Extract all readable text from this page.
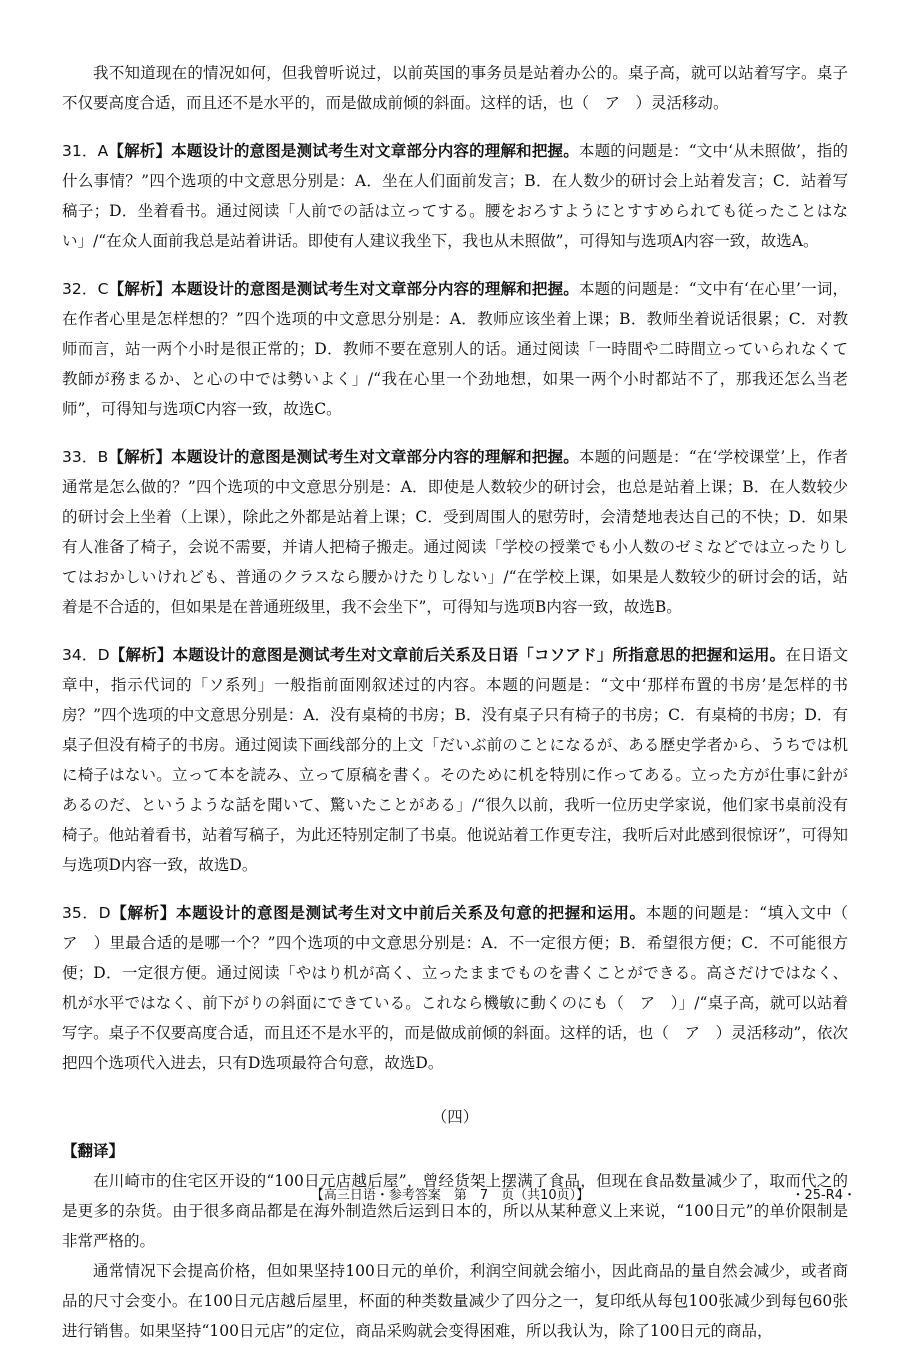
我不知道现在的情况如何，但我曾听说过，以前英国的事务员是站着办公的。桌子高，就可以站着写字。桌子不仅要高度合适，而且还不是水平的，而是做成前倾的斜面。这样的话，也（　ア　）灵活移动。

31．A【解析】本题设计的意图是测试考生对文章部分内容的理解和把握。本题的问题是：“文中‘从未照做’，指的什么事情？”四个选项的中文意思分别是：A．坐在人们面前发言；B．在人数少的研讨会上站着发言；C．站着写稿子；D．坐着看书。通过阅读「人前での話は立ってする。腰をおろすようにとすすめられても従ったことはない」/“在众人面前我总是站着讲话。即使有人建议我坐下，我也从未照做”，可得知与选项A内容一致，故选A。

32．C【解析】本题设计的意图是测试考生对文章部分内容的理解和把握。本题的问题是：“文中有‘在心里’一词，在作者心里是怎样想的？”四个选项的中文意思分别是：A．教师应该坐着上课；B．教师坐着说话很累；C．对教师而言，站一两个小时是很正常的；D．教师不要在意别人的话。通过阅读「一時間や二時間立っていられなくて教師が務まるか、と心の中では勢いよく」/“我在心里一个劲地想，如果一两个小时都站不了，那我还怎么当老师”，可得知与选项C内容一致，故选C。

33．B【解析】本题设计的意图是测试考生对文章部分内容的理解和把握。本题的问题是：“在‘学校课堂’上，作者通常是怎么做的？”四个选项的中文意思分别是：A．即使是人数较少的研讨会，也总是站着上课；B．在人数较少的研讨会上坐着（上课），除此之外都是站着上课；C．受到周围人的慰劳时，会清楚地表达自己的不快；D．如果有人准备了椅子，会说不需要，并请人把椅子搬走。通过阅读「学校の授業でも小人数のゼミなどでは立ったりしてはおかしいけれども、普通のクラスなら腰かけたりしない」/“在学校上课，如果是人数较少的研讨会的话，站着是不合适的，但如果是在普通班级里，我不会坐下”，可得知与选项B内容一致，故选B。

34．D【解析】本题设计的意图是测试考生对文章前后关系及日语「コソアド」所指意思的把握和运用。在日语文章中，指示代词的「ソ系列」一般指前面刚叙述过的内容。本题的问题是：“文中‘那样布置的书房’是怎样的书房？”四个选项的中文意思分别是：A．没有桌椅的书房；B．没有桌子只有椅子的书房；C．有桌椅的书房；D．有桌子但没有椅子的书房。通过阅读下画线部分的上文「だいぶ前のことになるが、ある歴史学者から、うちでは机に椅子はない。立って本を読み、立って原稿を書く。そのために机を特別に作ってある。立った方が仕事に針があるのだ、というような話を聞いて、驚いたことがある」/“很久以前，我听一位历史学家说，他们家书桌前没有椅子。他站着看书，站着写稿子，为此还特别定制了书桌。他说站着工作更专注，我听后对此感到很惊讶”，可得知与选项D内容一致，故选D。

35．D【解析】本题设计的意图是测试考生对文中前后关系及句意的把握和运用。本题的问题是：“填入文中（　ア　）里最合适的是哪一个？”四个选项的中文意思分别是：A．不一定很方便；B．希望很方便；C．不可能很方便；D．一定很方便。通过阅读「やはり机が高く、立ったままでものを書くことができる。高さだけではなく、机が水平ではなく、前下がりの斜面にできている。これなら機敏に動くのにも（　ア　）」/“桌子高，就可以站着写字。桌子不仅要高度合适，而且还不是水平的，而是做成前倾的斜面。这样的话，也（　ア　）灵活移动”，依次把四个选项代入进去，只有D选项最符合句意，故选D。

（四）
【翻译】

在川崎市的住宅区开设的“100日元店越后屋”，曾经货架上摆满了食品，但现在食品数量减少了，取而代之的是更多的杂货。由于很多商品都是在海外制造然后运到日本的，所以从某种意义上来说，“100日元”的单价限制是非常严格的。

通常情况下会提高价格，但如果坚持100日元的单价，利润空间就会缩小，因此商品的量自然会减少，或者商品的尺寸会变小。在100日元店越后屋里，杯面的种类数量减少了四分之一，复印纸从每包100张减少到每包60张进行销售。如果坚持“100日元店”的定位，商品采购就会变得困难，所以我认为，除了100日元的商品，

【高三日语・参考答案　第　7　页（共10页）】	・25-R4・
